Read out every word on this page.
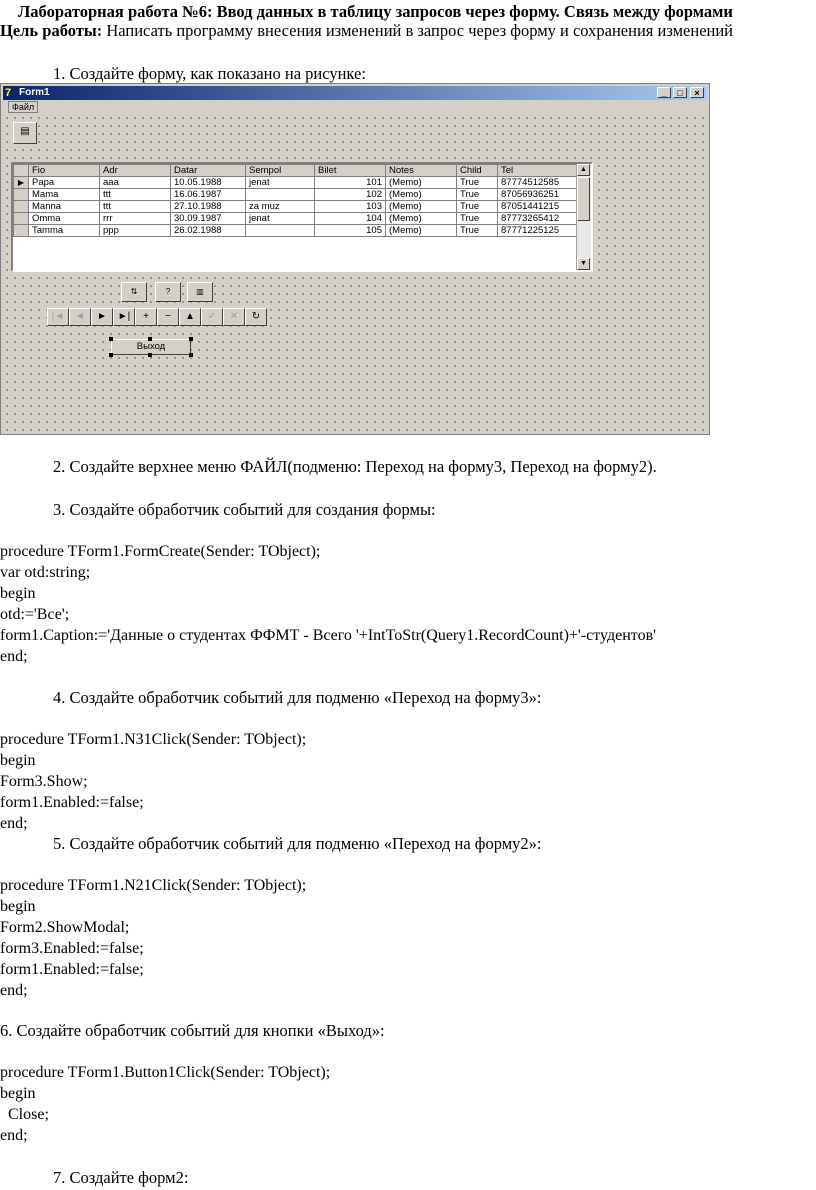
Лабораторная работа №6: Ввод данных в таблицу запросов через форму. Связь между формами
Цель работы: Написать программу внесения изменений в запрос через форму и сохранения изменений
1. Создайте форму, как показано на рисунке:
7 Form1	_	□	×
Файл
▤
	Fio	Adr	Datar	Sempol	Bilet	Notes	Child	Tel
▶	Papa	aaa	10.05.1988	jenat	101	(Memo)	True	87774512585
	Mama	ttt	16.06.1987		102	(Memo)	True	87056936251
	Manna	ttt	27.10.1988	za muz	103	(Memo)	True	87051441215
	Omma	rrr	30.09.1987	jenat	104	(Memo)	True	87773265412
	Tamma	ppp	26.02.1988		105	(Memo)	True	87771225125
▲
▼
⇅	?	▥
|◄	◄	►	►|	+	−	▲	✓	✕	↻
Выход
2. Создайте верхнее меню ФАЙЛ(подменю: Переход на форму3, Переход на форму2).
3. Создайте обработчик событий для создания формы:
procedure TForm1.FormCreate(Sender: TObject);
var otd:string;
begin
otd:='Все';
form1.Caption:='Данные о студентах ФФМТ - Всего '+IntToStr(Query1.RecordCount)+'-студентов'
end;
4. Создайте обработчик событий для подменю «Переход на форму3»:
procedure TForm1.N31Click(Sender: TObject);
begin
Form3.Show;
form1.Enabled:=false;
end;
5. Создайте обработчик событий для подменю «Переход на форму2»:
procedure TForm1.N21Click(Sender: TObject);
begin
Form2.ShowModal;
form3.Enabled:=false;
form1.Enabled:=false;
end;
6. Создайте обработчик событий для кнопки «Выход»:
procedure TForm1.Button1Click(Sender: TObject);
begin
Close;
end;
7. Создайте форм2:
